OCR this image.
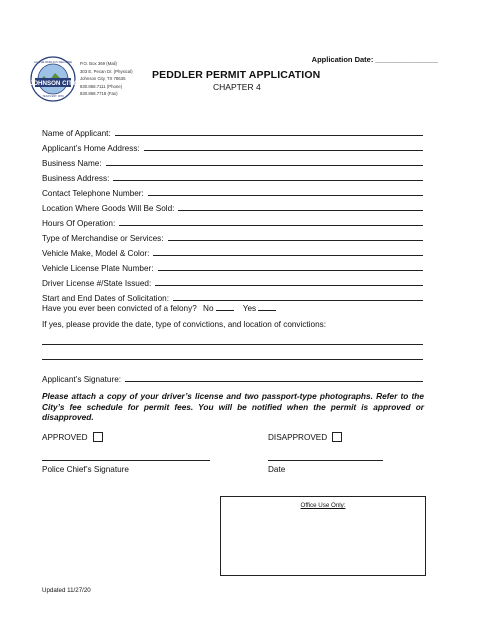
Application Date: _______________
JOHNSON CITY
ALL THE WORLD IS WELCOME
TEXAS EST. 1879
P.O. Box 369 (Mail)
303 E. Pecan Dr. (Physical)
Johnson City, TX 78636
830.868.7111 (Phone)
830.868.7718 (Fax)
PEDDLER PERMIT APPLICATION
CHAPTER 4
Name of Applicant:
Applicant’s Home Address:
Business Name:
Business Address:
Contact Telephone Number:
Location Where Goods Will Be Sold:
Hours Of Operation:
Type of Merchandise or Services:
Vehicle Make, Model & Color:
Vehicle License Plate Number:
Driver License #/State Issued:
Start and End Dates of Solicitation:
Have you ever been convicted of a felony? No	Yes
If yes, please provide the date, type of convictions, and location of convictions:
Applicant’s Signature:
Please attach a copy of your driver’s license and two passport-type photographs. Refer to the City’s fee schedule for permit fees. You will be notified when the permit is approved or disapproved.
APPROVED	DISAPPROVED
Police Chief’s Signature	Date
Office Use Only:
Updated 11/27/20
